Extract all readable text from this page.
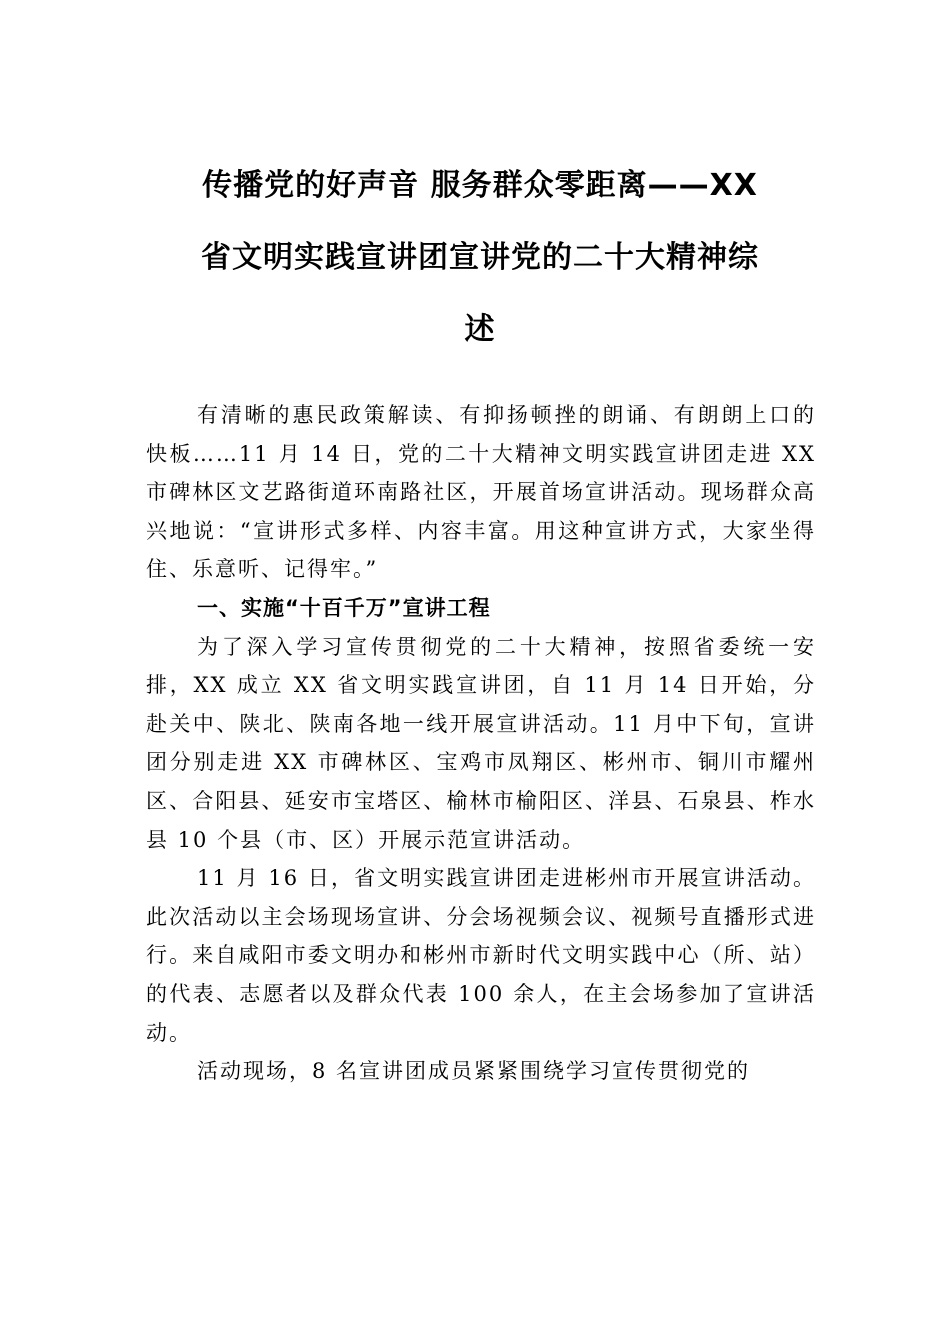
传播党的好声音 服务群众零距离——XX
省文明实践宣讲团宣讲党的二十大精神综
述

有清晰的惠民政策解读、有抑扬顿挫的朗诵、有朗朗上口的快板……11 月 14 日，党的二十大精神文明实践宣讲团走进 XX 市碑林区文艺路街道环南路社区，开展首场宣讲活动。现场群众高兴地说：“宣讲形式多样、内容丰富。用这种宣讲方式，大家坐得住、乐意听、记得牢。”

一、实施“十百千万”宣讲工程

为了深入学习宣传贯彻党的二十大精神，按照省委统一安排，XX 成立 XX 省文明实践宣讲团，自 11 月 14 日开始，分赴关中、陕北、陕南各地一线开展宣讲活动。11 月中下旬，宣讲团分别走进 XX 市碑林区、宝鸡市凤翔区、彬州市、铜川市耀州区、合阳县、延安市宝塔区、榆林市榆阳区、洋县、石泉县、柞水县 10 个县（市、区）开展示范宣讲活动。

11 月 16 日，省文明实践宣讲团走进彬州市开展宣讲活动。此次活动以主会场现场宣讲、分会场视频会议、视频号直播形式进行。来自咸阳市委文明办和彬州市新时代文明实践中心（所、站）的代表、志愿者以及群众代表 100 余人，在主会场参加了宣讲活动。

活动现场，8 名宣讲团成员紧紧围绕学习宣传贯彻党的
